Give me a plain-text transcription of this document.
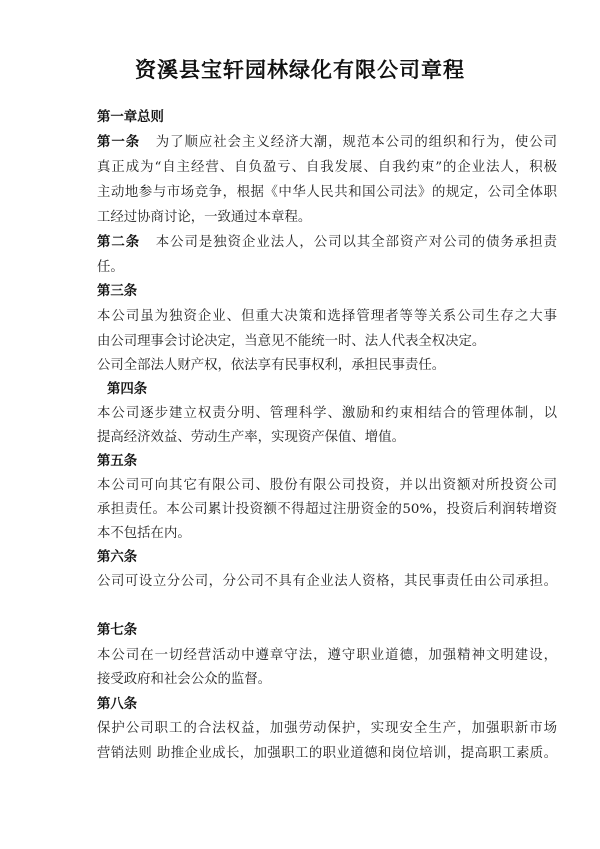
资溪县宝轩园林绿化有限公司章程
第一章总则
第一条 为了顺应社会主义经济大潮，规范本公司的组织和行为，使公司
真正成为“自主经营、自负盈亏、自我发展、自我约束”的企业法人，积极
主动地参与市场竞争，根据《中华人民共和国公司法》的规定，公司全体职
工经过协商讨论，一致通过本章程。
第二条 本公司是独资企业法人，公司以其全部资产对公司的债务承担责
任。
第三条
本公司虽为独资企业、但重大决策和选择管理者等等关系公司生存之大事
由公司理事会讨论决定，当意见不能统一时、法人代表全权决定。
公司全部法人财产权，依法享有民事权利，承担民事责任。
第四条
本公司逐步建立权责分明、管理科学、激励和约束相结合的管理体制，以
提高经济效益、劳动生产率，实现资产保值、增值。
第五条
本公司可向其它有限公司、股份有限公司投资，并以出资额对所投资公司
承担责任。本公司累计投资额不得超过注册资金的50%，投资后利润转增资
本不包括在内。
第六条
公司可设立分公司，分公司不具有企业法人资格，其民事责任由公司承担。
第七条
本公司在一切经营活动中遵章守法，遵守职业道德，加强精神文明建设，
接受政府和社会公众的监督。
第八条
保护公司职工的合法权益，加强劳动保护，实现安全生产，加强职新市场
营销法则 助推企业成长，加强职工的职业道德和岗位培训，提高职工素质。
